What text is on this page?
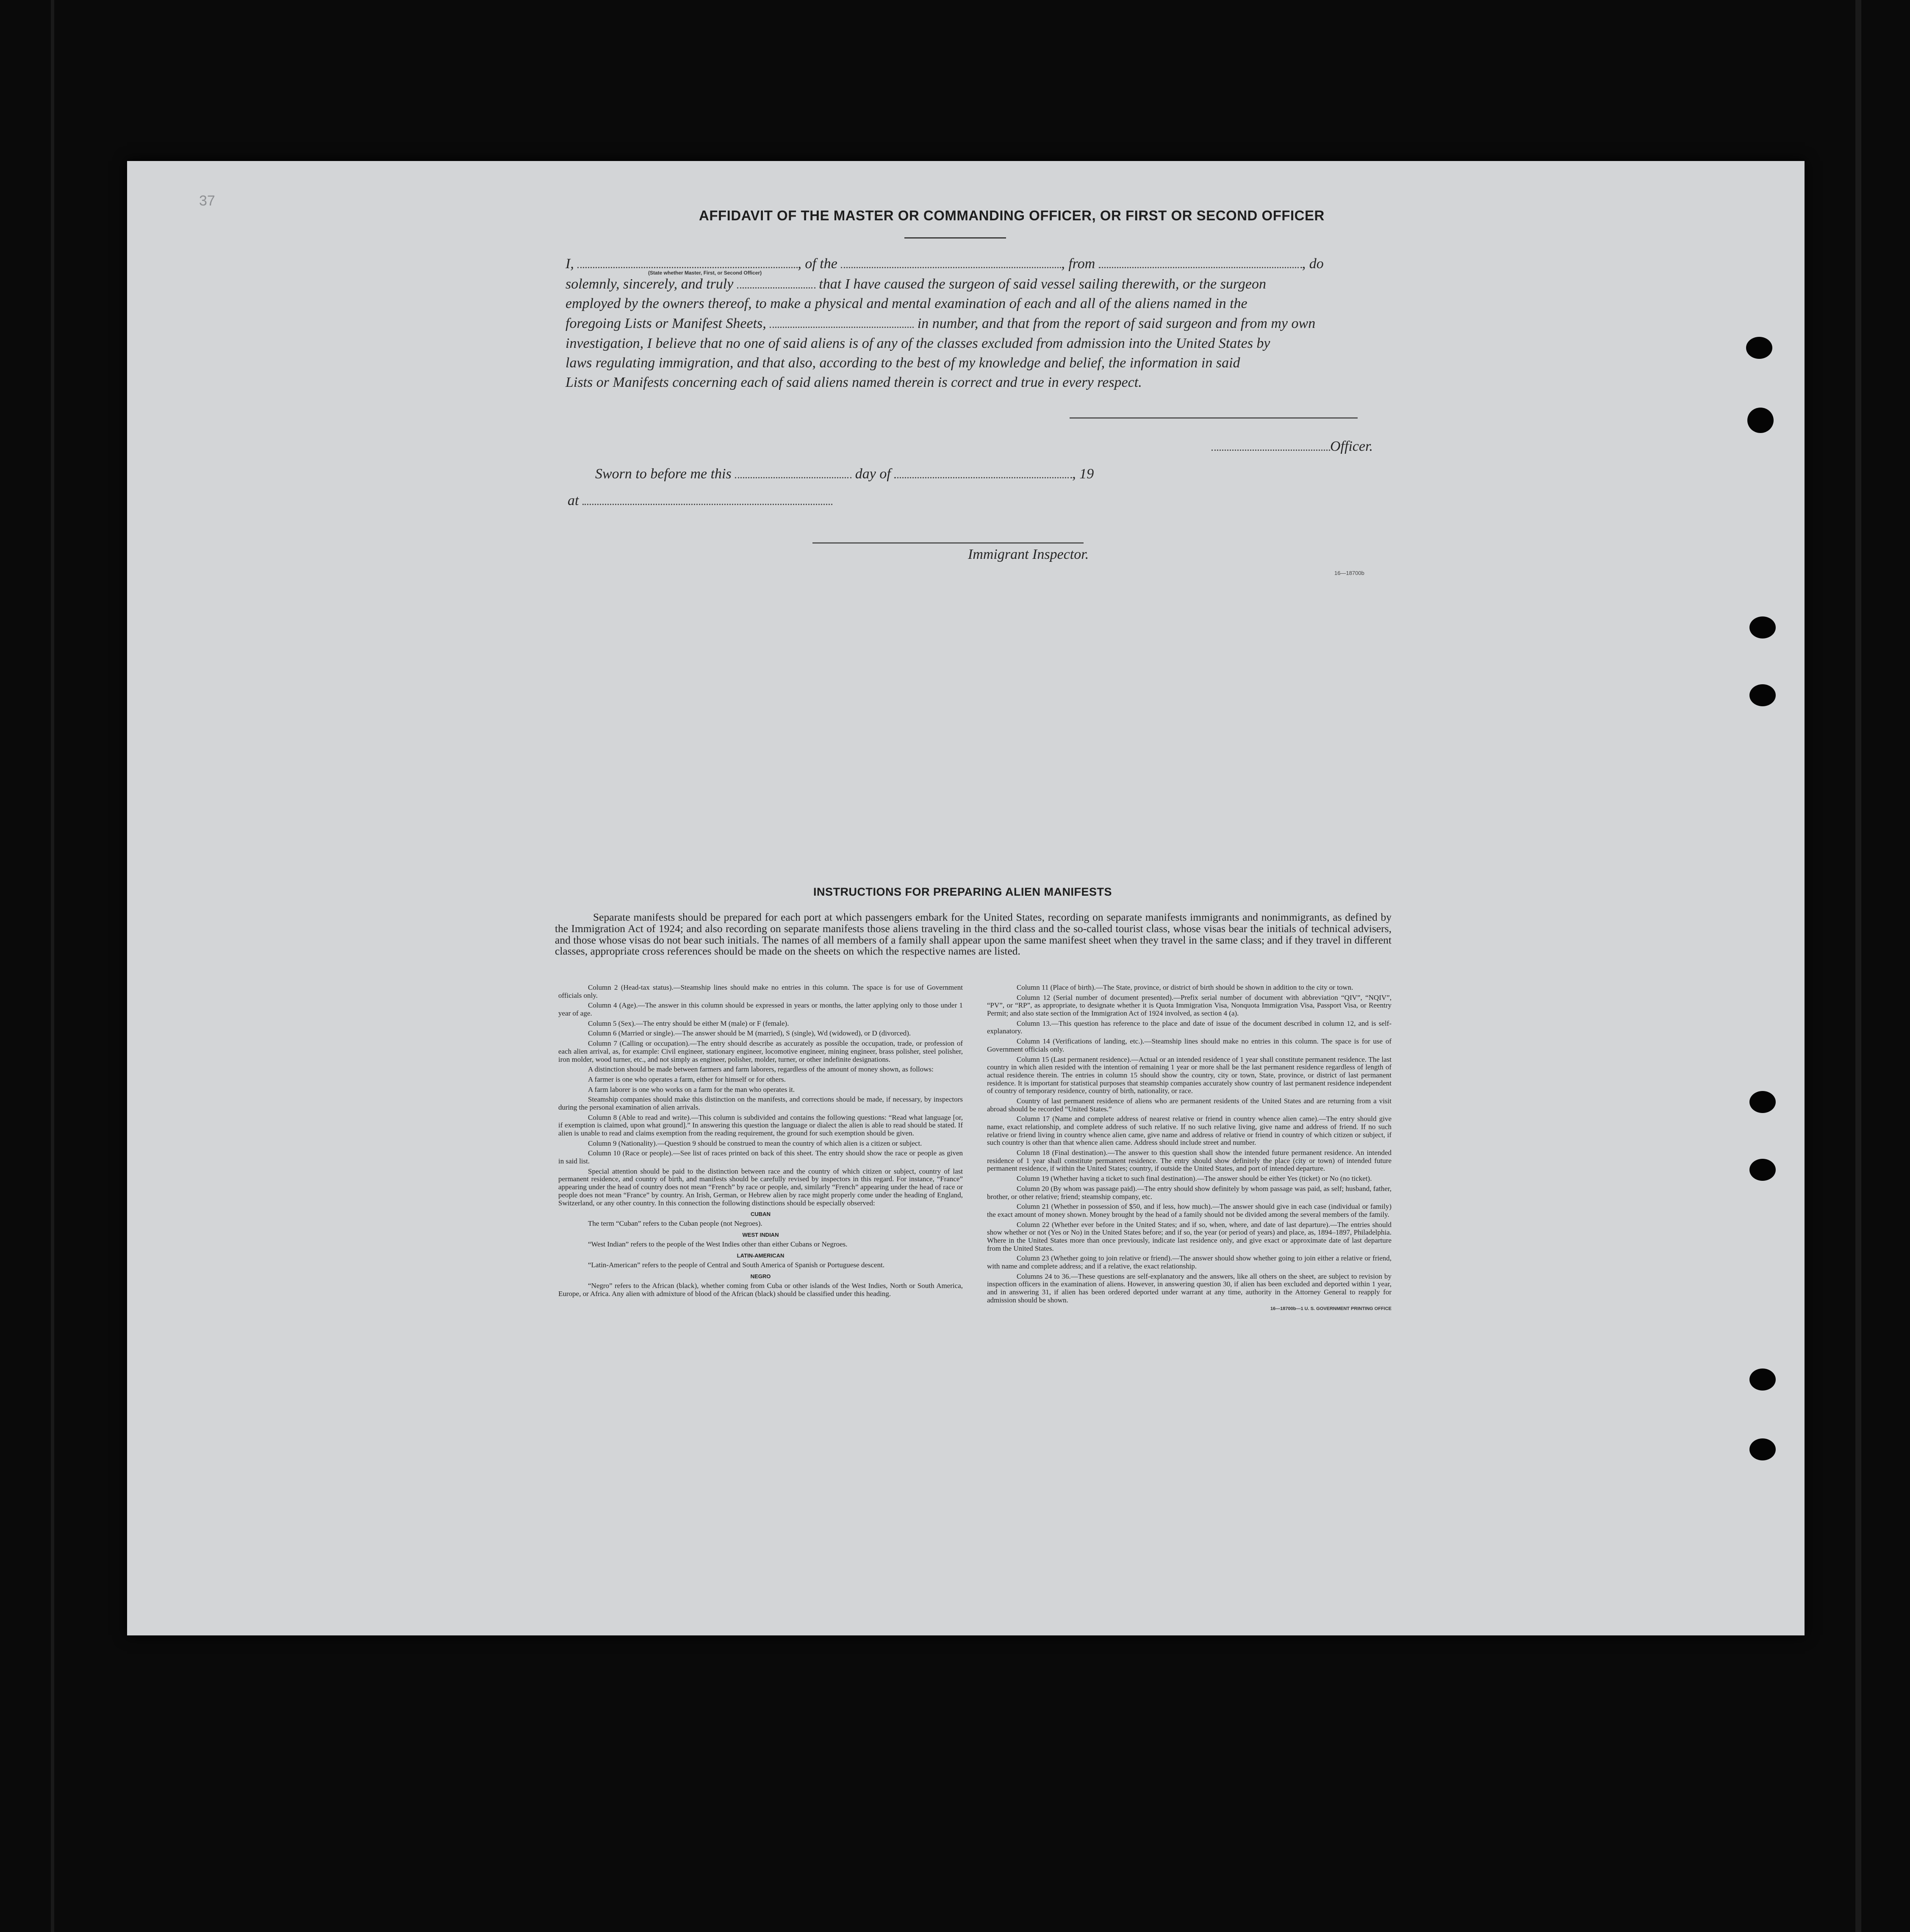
37
AFFIDAVIT OF THE MASTER OR COMMANDING OFFICER, OR FIRST OR SECOND OFFICER
I,	, of the	, from	, do
(State whether Master, First, or Second Officer)
solemnly, sincerely, and truly	that I have caused the surgeon of said vessel sailing therewith, or the surgeon
employed by the owners thereof, to make a physical and mental examination of each and all of the aliens named in the
foregoing Lists or Manifest Sheets,	in number, and that from the report of said surgeon and from my own
investigation, I believe that no one of said aliens is of any of the classes excluded from admission into the United States by
laws regulating immigration, and that also, according to the best of my knowledge and belief, the information in said
Lists or Manifests concerning each of said aliens named therein is correct and true in every respect.
Officer.
Sworn to before me this	day of	, 19
at
Immigrant Inspector.
16—18700b
INSTRUCTIONS FOR PREPARING ALIEN MANIFESTS

Separate manifests should be prepared for each port at which passengers embark for the United States, recording on separate manifests immigrants and nonimmigrants, as defined by the Immigration Act of 1924; and also recording on separate manifests those aliens traveling in the third class and the so-called tourist class, whose visas bear the initials of technical advisers, and those whose visas do not bear such initials. The names of all members of a family shall appear upon the same manifest sheet when they travel in the same class; and if they travel in different classes, appropriate cross references should be made on the sheets on which the respective names are listed.

Column 2 (Head-tax status).—Steamship lines should make no entries in this column. The space is for use of Government officials only.

Column 4 (Age).—The answer in this column should be expressed in years or months, the latter applying only to those under 1 year of age.

Column 5 (Sex).—The entry should be either M (male) or F (female).

Column 6 (Married or single).—The answer should be M (married), S (single), Wd (widowed), or D (divorced).

Column 7 (Calling or occupation).—The entry should describe as accurately as possible the occupation, trade, or profession of each alien arrival, as, for example: Civil engineer, stationary engineer, locomotive engineer, mining engineer, brass polisher, steel polisher, iron molder, wood turner, etc., and not simply as engineer, polisher, molder, turner, or other indefinite designations.

A distinction should be made between farmers and farm laborers, regardless of the amount of money shown, as follows:

A farmer is one who operates a farm, either for himself or for others.

A farm laborer is one who works on a farm for the man who operates it.

Steamship companies should make this distinction on the manifests, and corrections should be made, if necessary, by inspectors during the personal examination of alien arrivals.

Column 8 (Able to read and write).—This column is subdivided and contains the following questions: “Read what language [or, if exemption is claimed, upon what ground].” In answering this question the language or dialect the alien is able to read should be stated. If alien is unable to read and claims exemption from the reading requirement, the ground for such exemption should be given.

Column 9 (Nationality).—Question 9 should be construed to mean the country of which alien is a citizen or subject.

Column 10 (Race or people).—See list of races printed on back of this sheet. The entry should show the race or people as given in said list.

Special attention should be paid to the distinction between race and the country of which citizen or subject, country of last permanent residence, and country of birth, and manifests should be carefully revised by inspectors in this regard. For instance, “France” appearing under the head of country does not mean “French” by race or people, and, similarly “French” appearing under the head of race or people does not mean “France” by country. An Irish, German, or Hebrew alien by race might properly come under the heading of England, Switzerland, or any other country. In this connection the following distinctions should be especially observed:

CUBAN

The term “Cuban” refers to the Cuban people (not Negroes).

WEST INDIAN

“West Indian” refers to the people of the West Indies other than either Cubans or Negroes.

LATIN-AMERICAN

“Latin-American” refers to the people of Central and South America of Spanish or Portuguese descent.

NEGRO

“Negro” refers to the African (black), whether coming from Cuba or other islands of the West Indies, North or South America, Europe, or Africa. Any alien with admixture of blood of the African (black) should be classified under this heading.

Column 11 (Place of birth).—The State, province, or district of birth should be shown in addition to the city or town.

Column 12 (Serial number of document presented).—Prefix serial number of document with abbreviation “QIV”, “NQIV”, “PV”, or “RP”, as appropriate, to designate whether it is Quota Immigration Visa, Nonquota Immigration Visa, Passport Visa, or Reentry Permit; and also state section of the Immigration Act of 1924 involved, as section 4 (a).

Column 13.—This question has reference to the place and date of issue of the document described in column 12, and is self-explanatory.

Column 14 (Verifications of landing, etc.).—Steamship lines should make no entries in this column. The space is for use of Government officials only.

Column 15 (Last permanent residence).—Actual or an intended residence of 1 year shall constitute permanent residence. The last country in which alien resided with the intention of remaining 1 year or more shall be the last permanent residence regardless of length of actual residence therein. The entries in column 15 should show the country, city or town, State, province, or district of last permanent residence. It is important for statistical purposes that steamship companies accurately show country of last permanent residence independent of country of temporary residence, country of birth, nationality, or race.

Country of last permanent residence of aliens who are permanent residents of the United States and are returning from a visit abroad should be recorded “United States.”

Column 17 (Name and complete address of nearest relative or friend in country whence alien came).—The entry should give name, exact relationship, and complete address of such relative. If no such relative living, give name and address of friend. If no such relative or friend living in country whence alien came, give name and address of relative or friend in country of which citizen or subject, if such country is other than that whence alien came. Address should include street and number.

Column 18 (Final destination).—The answer to this question shall show the intended future permanent residence. An intended residence of 1 year shall constitute permanent residence. The entry should show definitely the place (city or town) of intended future permanent residence, if within the United States; country, if outside the United States, and port of intended departure.

Column 19 (Whether having a ticket to such final destination).—The answer should be either Yes (ticket) or No (no ticket).

Column 20 (By whom was passage paid).—The entry should show definitely by whom passage was paid, as self; husband, father, brother, or other relative; friend; steamship company, etc.

Column 21 (Whether in possession of $50, and if less, how much).—The answer should give in each case (individual or family) the exact amount of money shown. Money brought by the head of a family should not be divided among the several members of the family.

Column 22 (Whether ever before in the United States; and if so, when, where, and date of last departure).—The entries should show whether or not (Yes or No) in the United States before; and if so, the year (or period of years) and place, as, 1894–1897, Philadelphia. Where in the United States more than once previously, indicate last residence only, and give exact or approximate date of last departure from the United States.

Column 23 (Whether going to join relative or friend).—The answer should show whether going to join either a relative or friend, with name and complete address; and if a relative, the exact relationship.

Columns 24 to 36.—These questions are self-explanatory and the answers, like all others on the sheet, are subject to revision by inspection officers in the examination of aliens. However, in answering question 30, if alien has been excluded and deported within 1 year, and in answering 31, if alien has been ordered deported under warrant at any time, authority in the Attorney General to reapply for admission should be shown.

16—18700b—1 U. S. GOVERNMENT PRINTING OFFICE
